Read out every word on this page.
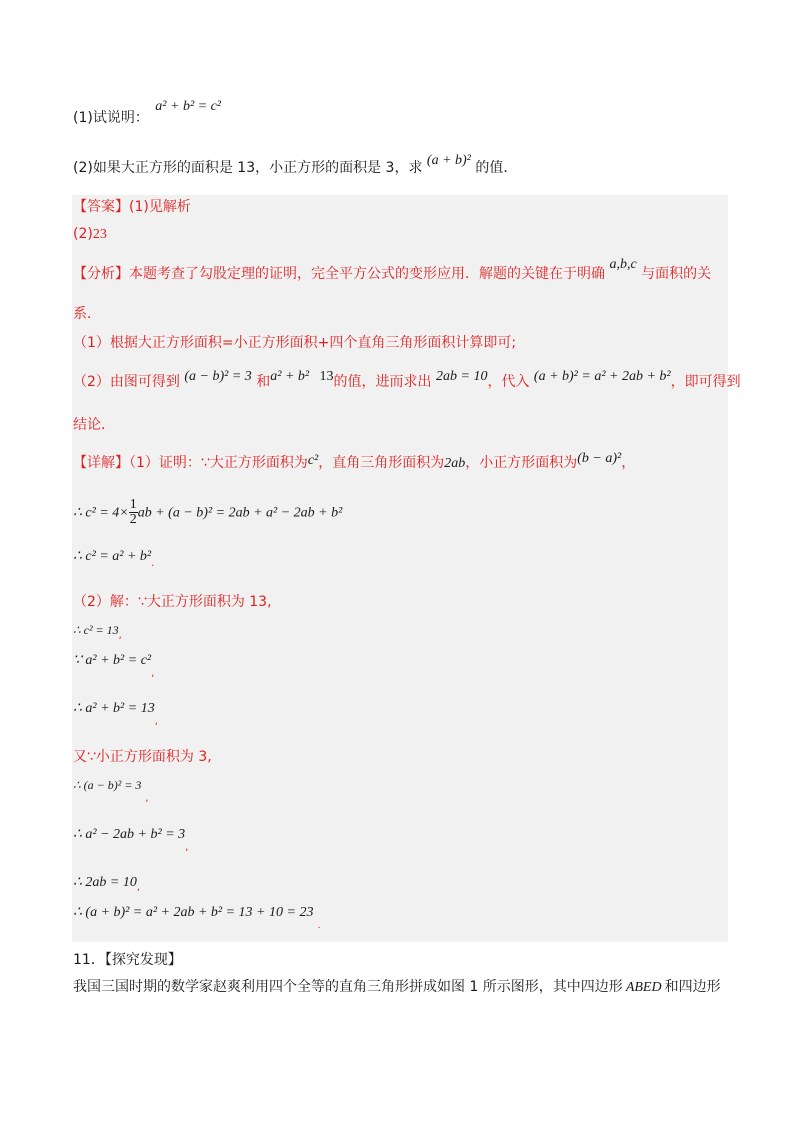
(1)试说明： a² + b² = c²
(2)如果大正方形的面积是 13，小正方形的面积是 3，求 (a + b)² 的值．
【答案】(1)见解析
(2)23
【分析】本题考查了勾股定理的证明，完全平方公式的变形应用．解题的关键在于明确 a,b,c 与面积的关
系．
（1）根据大正方形面积=小正方形面积+四个直角三角形面积计算即可;
（2）由图可得到 (a − b)² = 3 和a² + b² 13的值，进而求出 2ab = 10，代入 (a + b)² = a² + 2ab + b²，即可得到
结论．
【详解】（1）证明：∵大正方形面积为c²，直角三角形面积为2ab，小正方形面积为(b − a)²，
∴ $c^2 = 4\times \frac{1}{2}$ ab + (a − b)² = 2ab + a² − 2ab + b²
∴ $c^2 = a^2 + b^2_.$
（2）解：∵大正方形面积为 13,
∴ $c^2 = 13_,$
∵ $a^2 + b^2 = c^2_,$
∴ $a^2 + b^2 = 13_,$
又∵小正方形面积为 3,
∴ $(a - b)^2 = 3_,$
∴ $a^2 - 2ab + b^2 = 3_,$
∴ $2ab = 10_,$
∴ $(a + b)^2 = a^2 + 2ab + b^2 = 13 + 10 = 23_.$
11．【探究发现】
我国三国时期的数学家赵爽利用四个全等的直角三角形拼成如图 1 所示图形，其中四边形 ABED 和四边形
